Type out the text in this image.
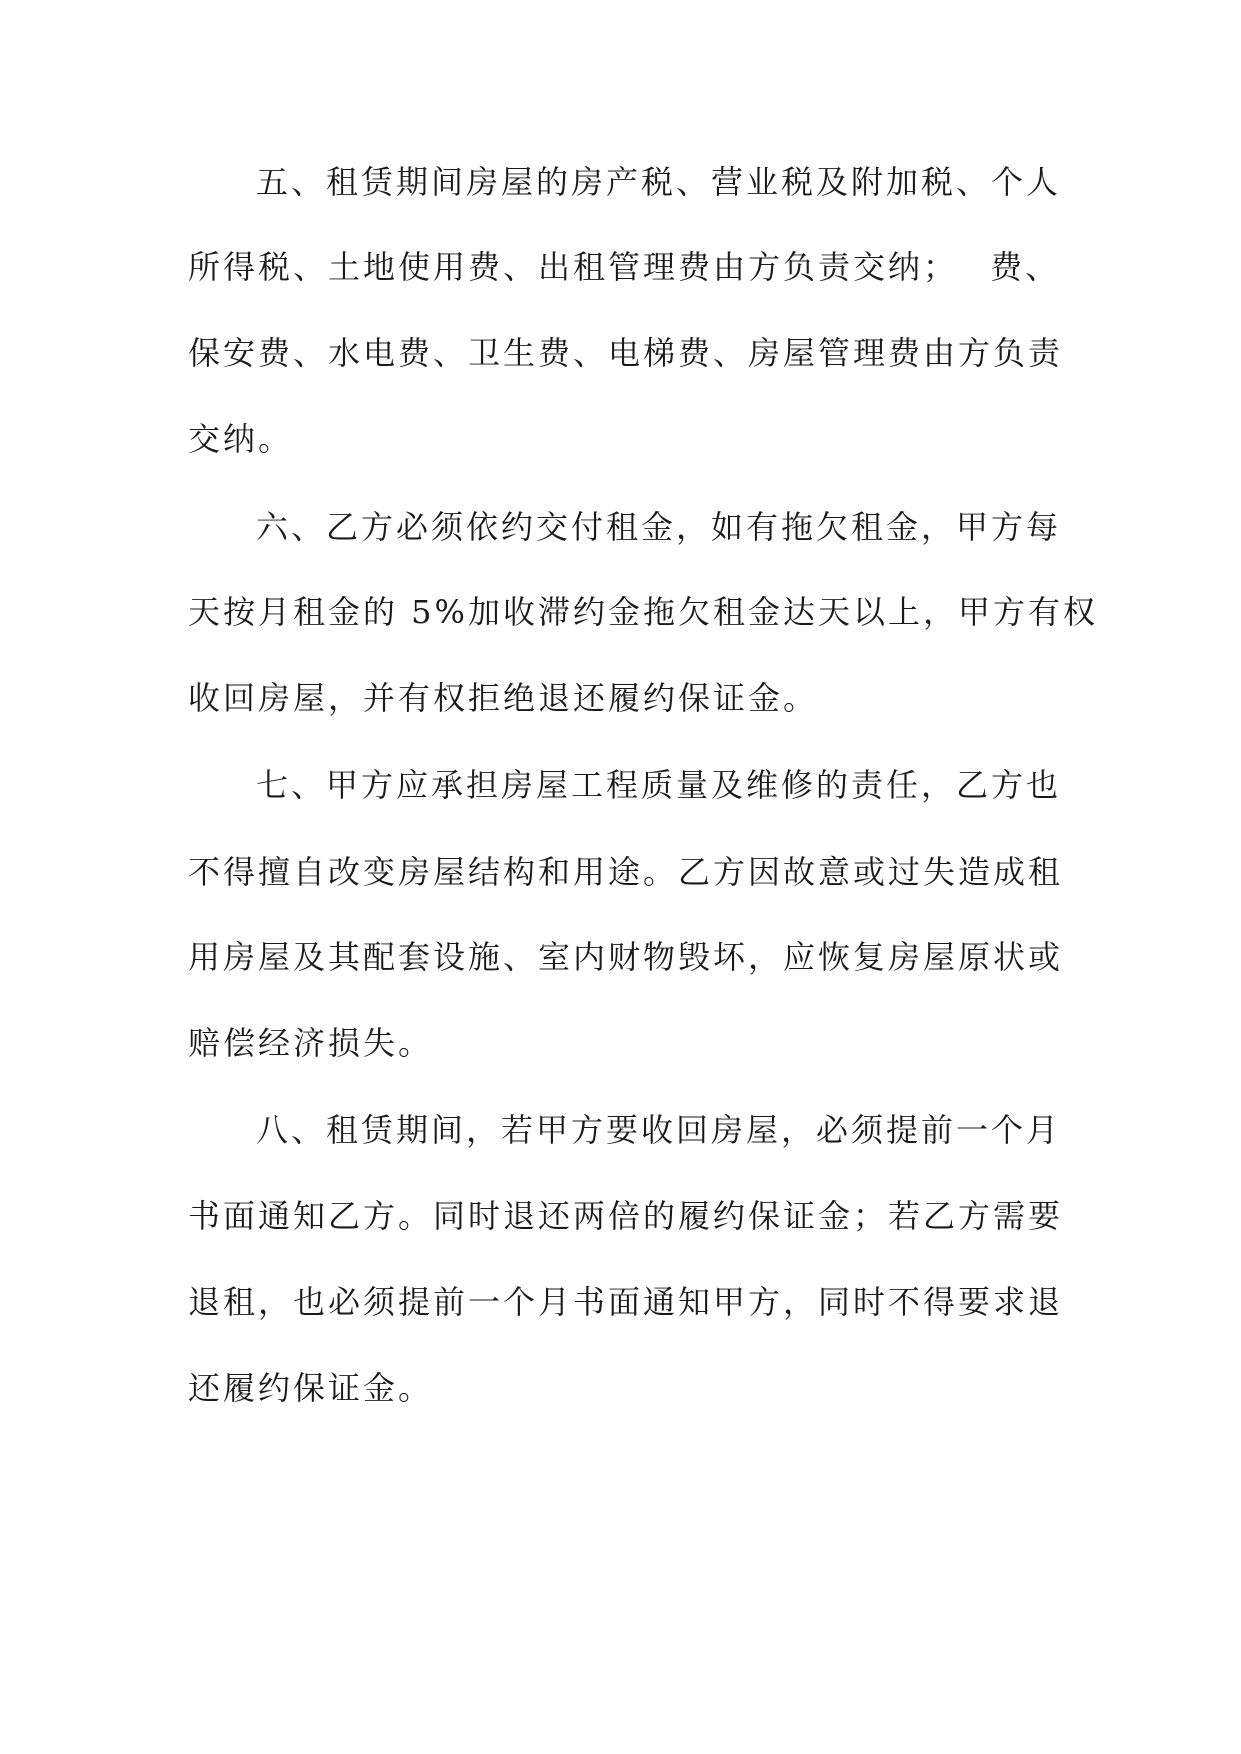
五、租赁期间房屋的房产税、营业税及附加税、个人
所得税、土地使用费、出租管理费由方负责交纳；　 费、
保安费、水电费、卫生费、电梯费、房屋管理费由方负责
交纳。
六、乙方必须依约交付租金，如有拖欠租金，甲方每
天按月租金的 5%加收滞约金拖欠租金达天以上，甲方有权
收回房屋，并有权拒绝退还履约保证金。
七、甲方应承担房屋工程质量及维修的责任，乙方也
不得擅自改变房屋结构和用途。乙方因故意或过失造成租
用房屋及其配套设施、室内财物毁坏，应恢复房屋原状或
赔偿经济损失。
八、租赁期间，若甲方要收回房屋，必须提前一个月
书面通知乙方。同时退还两倍的履约保证金；若乙方需要
退租，也必须提前一个月书面通知甲方，同时不得要求退
还履约保证金。
